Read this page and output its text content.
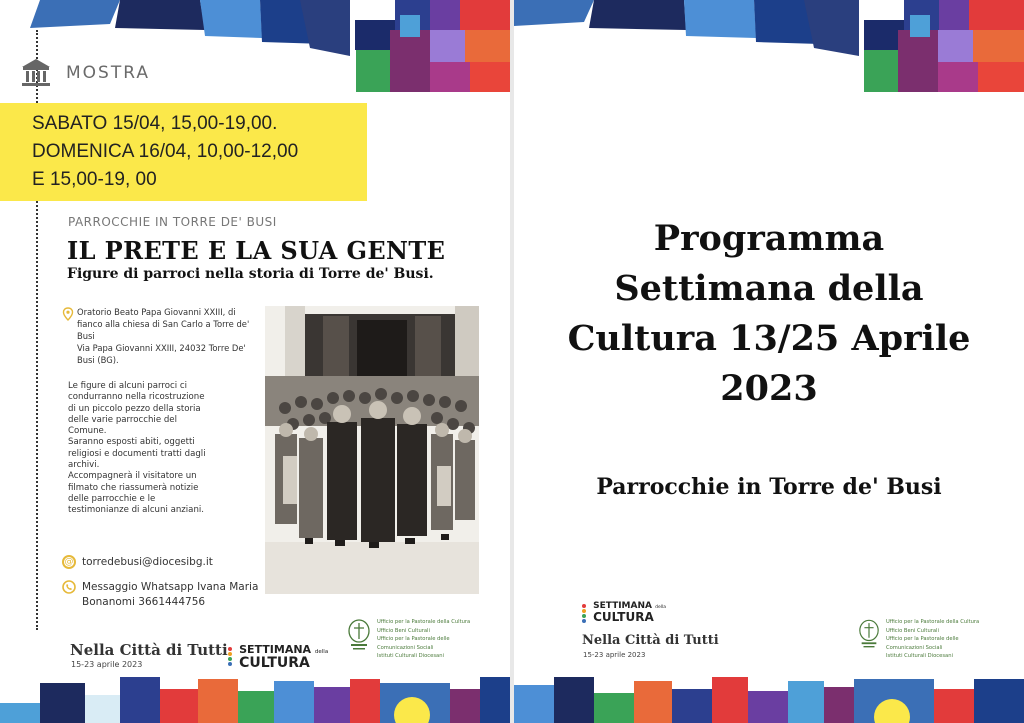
MOSTRA
SABATO 15/04, 15,00-19,00.
DOMENICA 16/04, 10,00-12,00
E 15,00-19, 00
PARROCCHIE IN TORRE DE' BUSI
IL PRETE E LA SUA GENTE
Figure di parroci nella storia di Torre de' Busi.
Oratorio Beato Papa Giovanni XXIII, di
fianco alla chiesa di San Carlo a Torre de'
Busi
Via Papa Giovanni XXIII, 24032 Torre De'
Busi (BG).
Le figure di alcuni parroci ci
condurranno nella ricostruzione
di un piccolo pezzo della storia
delle varie parrocchie del
Comune.
Saranno esposti abiti, oggetti
religiosi e documenti tratti dagli
archivi.
Accompagnerà il visitatore un
filmato che riassumerà notizie
delle parrocchie e le
testimonianze di alcuni anziani.
@ torredebusi@diocesibg.it
Messaggio Whatsapp Ivana Maria
Bonanomi 3661444756
Nella Città di Tutti
15-23 aprile 2023
SETTIMANA della
CULTURA
Ufficio per la Pastorale della Cultura
Ufficio Beni Culturali
Ufficio per la Pastorale delle
Comunicazioni Sociali
Istituti Culturali Diocesani
Programma
Settimana della
Cultura 13/25 Aprile
2023
Parrocchie in Torre de' Busi
SETTIMANA della
CULTURA
Nella Città di Tutti
15-23 aprile 2023
Ufficio per la Pastorale della Cultura
Ufficio Beni Culturali
Ufficio per la Pastorale delle
Comunicazioni Sociali
Istituti Culturali Diocesani
